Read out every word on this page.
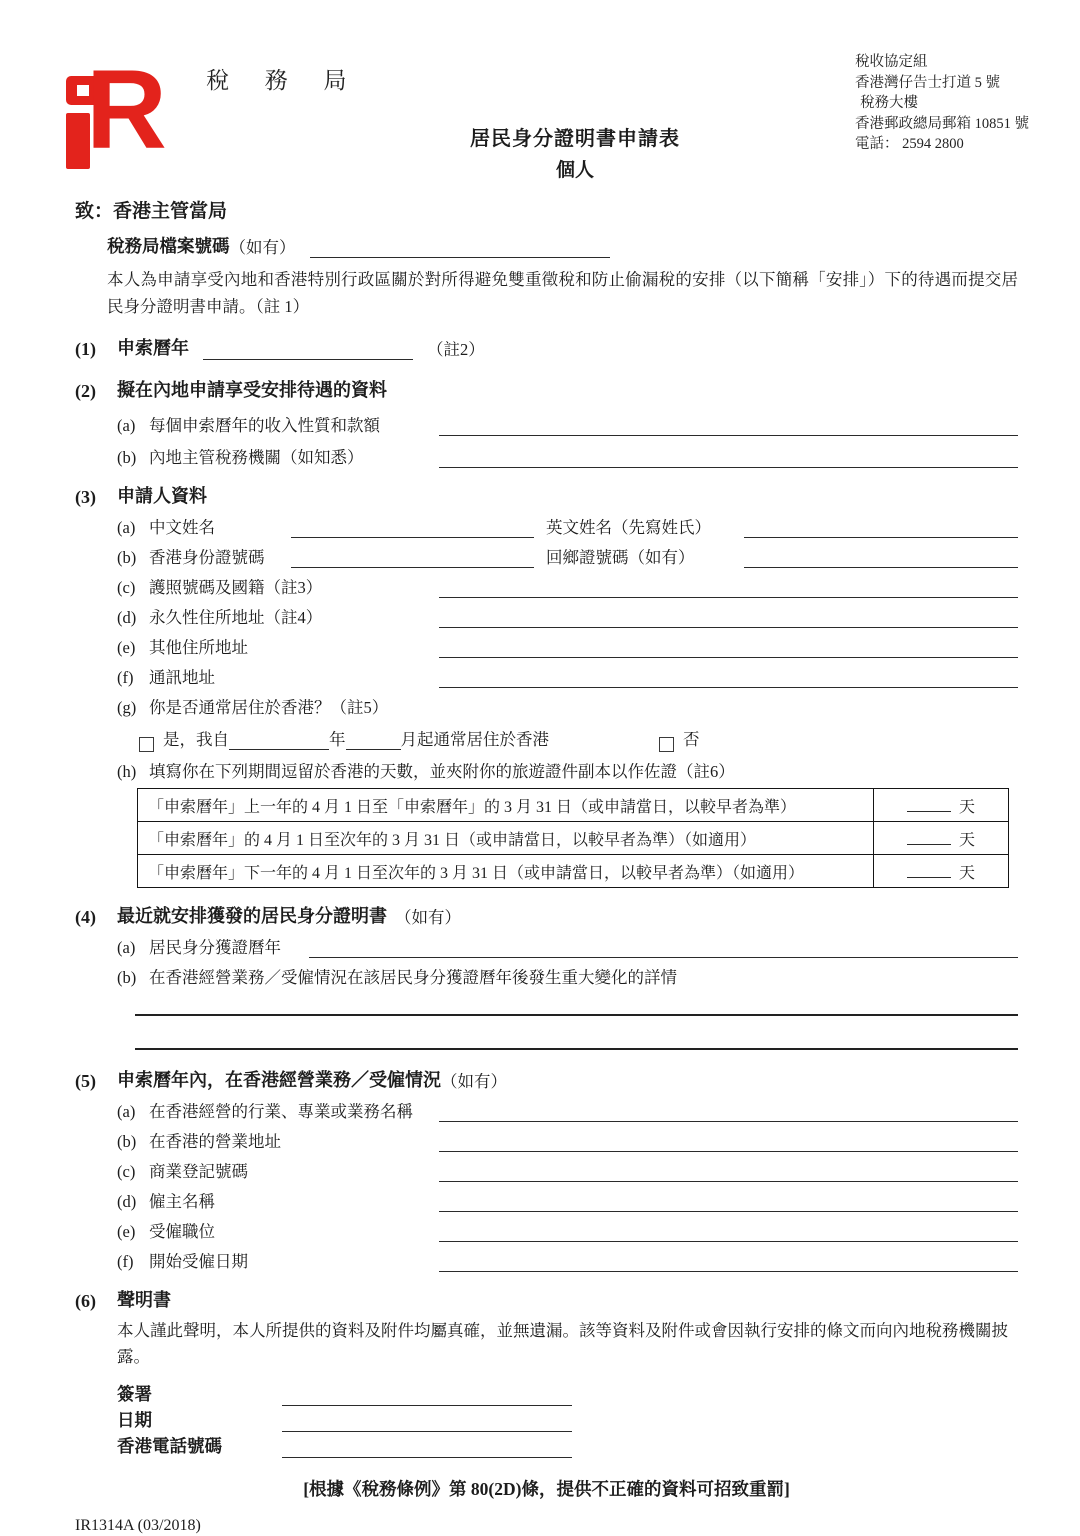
R 稅 務 局
稅收協定組
香港灣仔告士打道 5 號
稅務大樓
香港郵政總局郵箱 10851 號
電話： 2594 2800
居民身分證明書申請表
個人
致：香港主管當局
稅務局檔案號碼 （如有）
本人為申請享受內地和香港特別行政區關於對所得避免雙重徵稅和防止偷漏稅的安排（以下簡稱「安排」）下的待遇而提交居民身分證明書申請。（註 1）
(1)	申索曆年	（註2）
(2)	擬在內地申請享受安排待遇的資料
(a) 每個申索曆年的收入性質和款額
(b) 內地主管稅務機關（如知悉）
(3)	申請人資料
(a) 中文姓名	英文姓名（先寫姓氏）
(b) 香港身份證號碼	回鄉證號碼（如有）
(c) 護照號碼及國籍（註3）
(d) 永久性住所地址（註4）
(e) 其他住所地址
(f) 通訊地址
(g) 你是否通常居住於香港？（註5）
是，我自	年	月起通常居住於香港	否
(h) 填寫你在下列期間逗留於香港的天數，並夾附你的旅遊證件副本以作佐證（註6）
「申索曆年」上一年的 4 月 1 日至「申索曆年」的 3 月 31 日（或申請當日，以較早者為準）	天
「申索曆年」的 4 月 1 日至次年的 3 月 31 日（或申請當日，以較早者為準）（如適用）	天
「申索曆年」下一年的 4 月 1 日至次年的 3 月 31 日（或申請當日，以較早者為準）（如適用）	天
(4)	最近就安排獲發的居民身分證明書 （如有）
(a) 居民身分獲證曆年
(b) 在香港經營業務／受僱情況在該居民身分獲證曆年後發生重大變化的詳情
(5)	申索曆年內，在香港經營業務／受僱情況 （如有）
(a) 在香港經營的行業、專業或業務名稱
(b) 在香港的營業地址
(c) 商業登記號碼
(d) 僱主名稱
(e) 受僱職位
(f) 開始受僱日期
(6)	聲明書
本人謹此聲明，本人所提供的資料及附件均屬真確，並無遺漏。該等資料及附件或會因執行安排的條文而向內地稅務機關披露。
簽署
日期
香港電話號碼
[根據《稅務條例》第 80(2D)條，提供不正確的資料可招致重罰]
IR1314A (03/2018)
